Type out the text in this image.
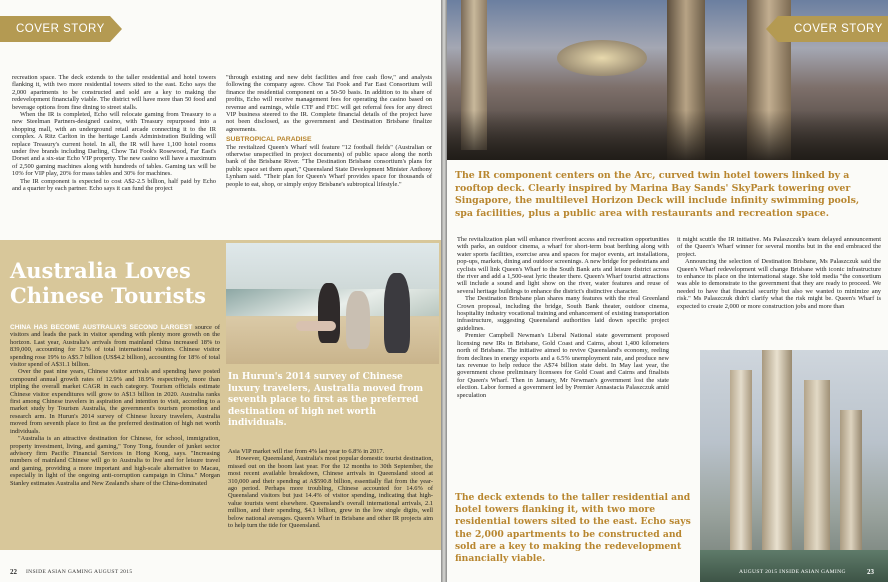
COVER STORY

recreation space. The deck extends to the taller residential and hotel towers flanking it, with two more residential towers sited to the east. Echo says the 2,000 apartments to be constructed and sold are a key to making the redevelopment financially viable. The district will have more than 50 food and beverage options from fine dining to street stalls.

When the IR is completed, Echo will relocate gaming from Treasury to a new Steelman Partners-designed casino, with Treasury repurposed into a shopping mall, with an underground retail arcade connecting it to the IR complex. A Ritz Carlton in the heritage Lands Administration Building will replace Treasury's current hotel. In all, the IR will have 1,100 hotel rooms under five brands including Darling, Chow Tai Fook's Rosewood, Far East's Dorset and a six-star Echo VIP property. The new casino will have a maximum of 2,500 gaming machines along with hundreds of tables. Gaming tax will be 10% for VIP play, 20% for mass tables and 30% for machines.

The IR component is expected to cost A$2-2.5 billion, half paid by Echo and a quarter by each partner. Echo says it can fund the project

"through existing and new debt facilities and free cash flow," and analysts following the company agree. Chow Tai Fook and Far East Consortium will finance the residential component on a 50-50 basis. In addition to its share of profits, Echo will receive management fees for operating the casino based on revenue and earnings, while CTF and FEC will get referral fees for any direct VIP business steered to the IR. Complete financial details of the project have not been disclosed, as the government and Destination Brisbane finalize agreements.

SUBTROPICAL PARADISE

The revitalized Queen's Wharf will feature "12 football fields" (Australian or otherwise unspecified in project documents) of public space along the north bank of the Brisbane River. "The Destination Brisbane consortium's plans for public space set them apart," Queensland State Development Minister Anthony Lynham said. "Their plan for Queen's Wharf provides space for thousands of people to eat, shop, or simply enjoy Brisbane's subtropical lifestyle."

Australia Loves Chinese Tourists

CHINA HAS BECOME AUSTRALIA'S SECOND LARGEST source of visitors and leads the pack in visitor spending with plenty more growth on the horizon. Last year, Australia's arrivals from mainland China increased 18% to 839,000, accounting for 12% of total international visitors. Chinese visitor spending rose 19% to A$5.7 billion (US$4.2 billion), accounting for 18% of total visitor spend of A$31.1 billion.

Over the past nine years, Chinese visitor arrivals and spending have posted compound annual growth rates of 12.9% and 18.9% respectively, more than tripling the overall market CAGR in each category. Tourism officials estimate Chinese visitor expenditures will grow to A$13 billion in 2020. Australia ranks first among Chinese travelers in aspiration and intention to visit, according to a market study by Tourism Australia, the government's tourism promotion and research arm. In Hurun's 2014 survey of Chinese luxury travelers, Australia moved from seventh place to first as the preferred destination of high net worth individuals.

"Australia is an attractive destination for Chinese, for school, immigration, property investment, living, and gaming," Tony Tong, founder of junket sector advisory firm Pacific Financial Services in Hong Kong, says. "Increasing numbers of mainland Chinese will go to Australia to live and for leisure travel and gaming, providing a more important and high-scale alternative to Macau, especially in light of the ongoing anti-corruption campaign in China." Morgan Stanley estimates Australia and New Zealand's share of the China-dominated

In Hurun's 2014 survey of Chinese luxury travelers, Australia moved from seventh place to first as the preferred destination of high net worth individuals.

Asia VIP market will rise from 4% last year to 6.8% in 2017.

However, Queensland, Australia's most popular domestic tourist destination, missed out on the boom last year. For the 12 months to 30th September, the most recent available breakdown, Chinese arrivals in Queensland stood at 310,000 and their spending at A$590.8 billion, essentially flat from the year-ago period. Perhaps more troubling, Chinese accounted for 14.6% of Queensland visitors but just 14.4% of visitor spending, indicating that high-value tourists went elsewhere. Queensland's overall international arrivals, 2.1 million, and their spending, $4.1 billion, grew in the low single digits, well below national averages. Queen's Wharf in Brisbane and other IR projects aim to help turn the tide for Queensland.

22 INSIDE ASIAN GAMING AUGUST 2015
COVER STORY
The IR component centers on the Arc, curved twin hotel towers linked by a rooftop deck. Clearly inspired by Marina Bay Sands' SkyPark towering over Singapore, the multilevel Horizon Deck will include infinity swimming pools, spa facilities, plus a public area with restaurants and recreation space.

The revitalization plan will enhance riverfront access and recreation opportunities with parks, an outdoor cinema, a wharf for short-term boat berthing along with water sports facilities, exercise area and spaces for major events, art installations, pop-ups, markets, dining and outdoor screenings. A new bridge for pedestrians and cyclists will link Queen's Wharf to the South Bank arts and leisure district across the river and add a 1,500-seat lyric theater there. Queen's Wharf tourist attractions will include a sound and light show on the river, water features and reuse of several heritage buildings to enhance the district's distinctive character.

The Destination Brisbane plan shares many features with the rival Greenland Crown proposal, including the bridge, South Bank theater, outdoor cinema, hospitality industry vocational training and enhancement of existing transportation infrastructure, suggesting Queensland authorities laid down specific project guidelines.

Premier Campbell Newman's Liberal National state government proposed licensing new IRs in Brisbane, Gold Coast and Cairns, about 1,400 kilometers north of Brisbane. The initiative aimed to revive Queensland's economy, reeling from declines in energy exports and a 6.5% unemployment rate, and produce new tax revenue to help reduce the A$74 billion state debt. In May last year, the government chose preliminary licensees for Gold Coast and Cairns and finalists for Queen's Wharf. Then in January, Mr Newman's government lost the state election. Labor formed a government led by Premier Annastacia Palaszczuk amid speculation

it might scuttle the IR initiative. Ms Palaszczuk's team delayed announcement of the Queen's Wharf winner for several months but in the end embraced the project.

Announcing the selection of Destination Brisbane, Ms Palaszczuk said the Queen's Wharf redevelopment will change Brisbane with iconic infrastructure to enhance its place on the international stage. She told media "the consortium was able to demonstrate to the government that they are ready to proceed. We needed to have that financial security but also we wanted to minimize any risk." Ms Palaszczuk didn't clarify what the risk might be. Queen's Wharf is expected to create 2,000 or more construction jobs and more than

The deck extends to the taller residential and hotel towers flanking it, with two more residential towers sited to the east. Echo says the 2,000 apartments to be constructed and sold are a key to making the redevelopment financially viable.
AUGUST 2015 INSIDE ASIAN GAMING	23
